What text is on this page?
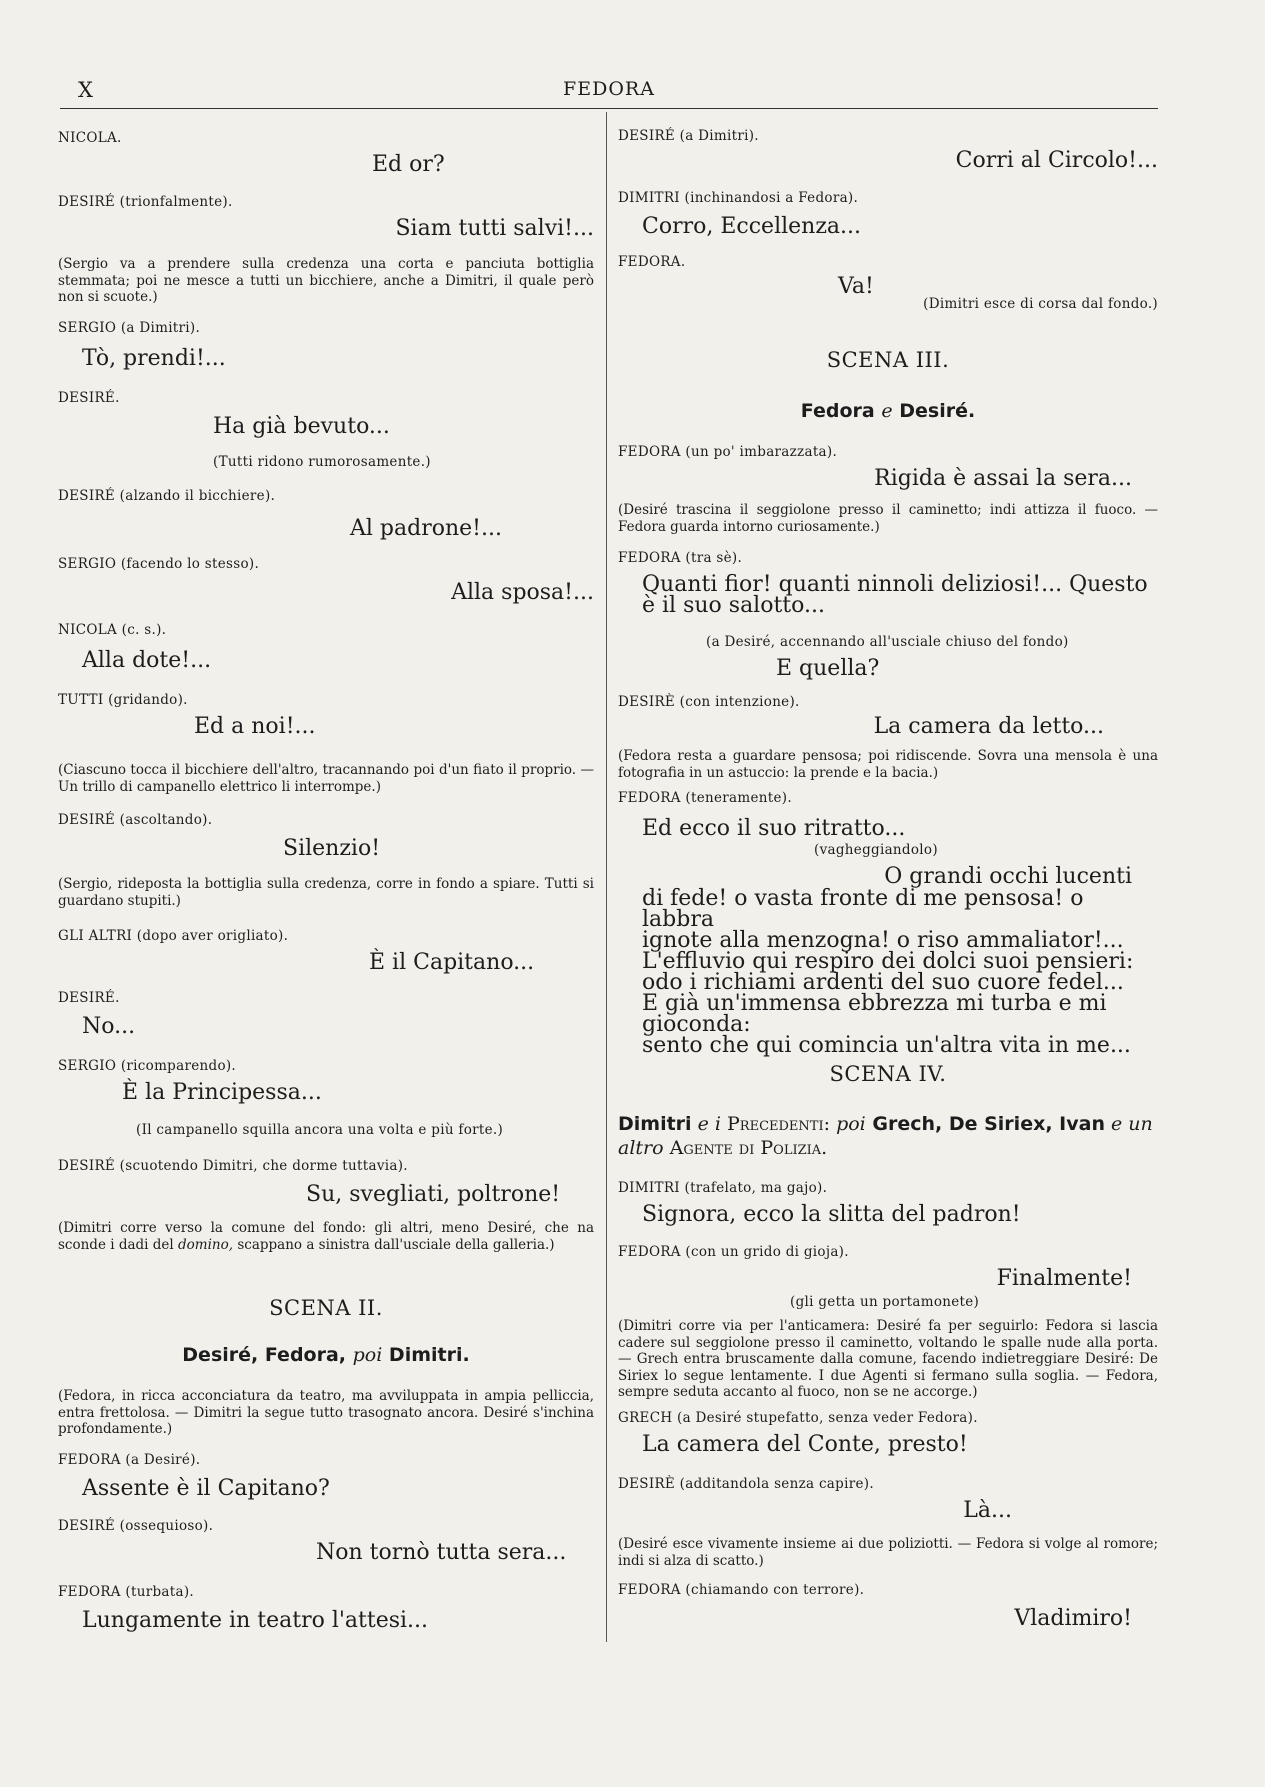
X	FEDORA
NICOLA.
Ed or?
DESIRÉ (trionfalmente).
Siam tutti salvi!...
(Sergio va a prendere sulla credenza una corta e panciuta bottiglia stemmata; poi ne mesce a tutti un bicchiere, anche a Dimitri, il quale però non si scuote.)
SERGIO (a Dimitri).
Tò, prendi!...
DESIRÉ.
Ha già bevuto...
(Tutti ridono rumorosamente.)
DESIRÉ (alzando il bicchiere).
Al padrone!...
SERGIO (facendo lo stesso).
Alla sposa!...
NICOLA (c. s.).
Alla dote!...
TUTTI (gridando).
Ed a noi!...
(Ciascuno tocca il bicchiere dell'altro, tracannando poi d'un fiato il proprio. — Un trillo di campanello elettrico li interrompe.)
DESIRÉ (ascoltando).
Silenzio!
(Sergio, rideposta la bottiglia sulla credenza, corre in fondo a spiare. Tutti si guardano stupiti.)
GLI ALTRI (dopo aver origliato).
È il Capitano...
DESIRÉ.
No...
SERGIO (ricomparendo).
È la Principessa...
(Il campanello squilla ancora una volta e più forte.)
DESIRÉ (scuotendo Dimitri, che dorme tuttavia).
Su, svegliati, poltrone!
(Dimitri corre verso la comune del fondo: gli altri, meno Desiré, che na sconde i dadi del domino, scappano a sinistra dall'usciale della galleria.)
SCENA II.
Desiré, Fedora, poi Dimitri.
(Fedora, in ricca acconciatura da teatro, ma avviluppata in ampia pelliccia, entra frettolosa. — Dimitri la segue tutto trasognato ancora. Desiré s'inchina profondamente.)
FEDORA (a Desiré).
Assente è il Capitano?
DESIRÉ (ossequioso).
Non tornò tutta sera...
FEDORA (turbata).
Lungamente in teatro l'attesi...
DESIRÉ (a Dimitri).
Corri al Circolo!...
DIMITRI (inchinandosi a Fedora).
Corro, Eccellenza...
FEDORA.
Va!
(Dimitri esce di corsa dal fondo.)
SCENA III.
Fedora e Desiré.
FEDORA (un po' imbarazzata).
Rigida è assai la sera...
(Desiré trascina il seggiolone presso il caminetto; indi attizza il fuoco. — Fedora guarda intorno curiosamente.)
FEDORA (tra sè).
Quanti fior! quanti ninnoli deliziosi!... Questo
è il suo salotto...
(a Desiré, accennando all'usciale chiuso del fondo)
E quella?
DESIRÈ (con intenzione).
La camera da letto...
(Fedora resta a guardare pensosa; poi ridiscende. Sovra una mensola è una fotografia in un astuccio: la prende e la bacia.)
FEDORA (teneramente).
Ed ecco il suo ritratto...
(vagheggiandolo)
O grandi occhi lucenti
di fede! o vasta fronte di me pensosa! o labbra
ignote alla menzogna! o riso ammaliator!...
L'effluvio qui respiro dei dolci suoi pensieri:
odo i richiami ardenti del suo cuore fedel...
E già un'immensa ebbrezza mi turba e mi gioconda:
sento che qui comincia un'altra vita in me...
SCENA IV.
Dimitri e i Precedenti: poi Grech, De Siriex, Ivan e un altro Agente di Polizia.
DIMITRI (trafelato, ma gajo).
Signora, ecco la slitta del padron!
FEDORA (con un grido di gioja).
Finalmente!
(gli getta un portamonete)
(Dimitri corre via per l'anticamera: Desiré fa per seguirlo: Fedora si lascia cadere sul seggiolone presso il caminetto, voltando le spalle nude alla porta. — Grech entra bruscamente dalla comune, facendo indietreggiare Desiré: De Siriex lo segue lentamente. I due Agenti si fermano sulla soglia. — Fedora, sempre seduta accanto al fuoco, non se ne accorge.)
GRECH (a Desiré stupefatto, senza veder Fedora).
La camera del Conte, presto!
DESIRÈ (additandola senza capire).
Là...
(Desiré esce vivamente insieme ai due poliziotti. — Fedora si volge al romore; indi si alza di scatto.)
FEDORA (chiamando con terrore).
Vladimiro!
